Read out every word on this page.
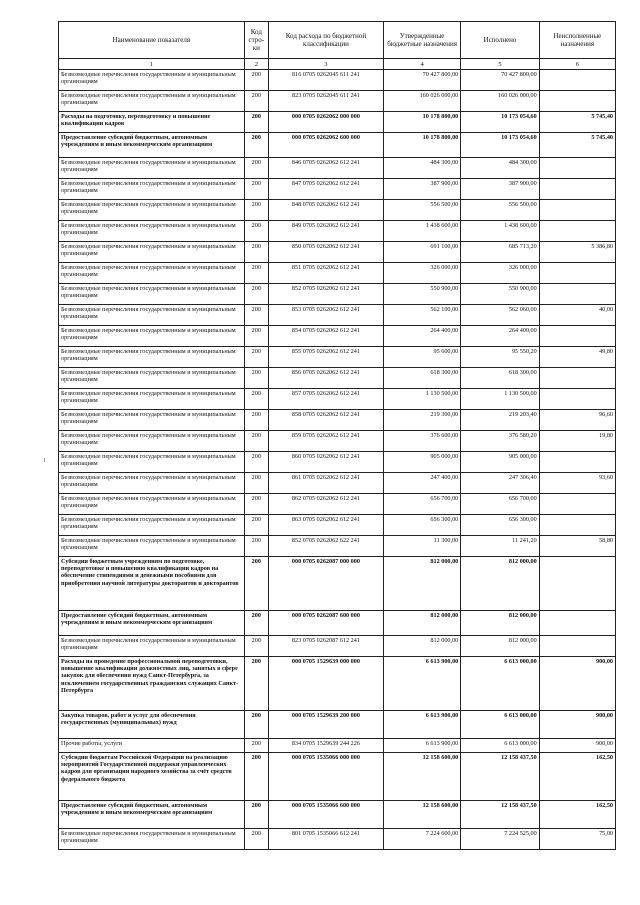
Наименование показателя	Код стро-ки	Код расхода по бюджетной классификации	Утвержденные бюджетные назначения	Исполнено	Неисполненные назначения
1	2	3	4	5	6
Безвозмездные перечисления государственным и муниципальным организациям	200	816 0705 0262045 611 241	70 427 800,00	70 427 800,00	
Безвозмездные перечисления государственным и муниципальным организациям	200	823 0705 0262045 611 241	160 026 000,00	160 026 000,00	
Расходы на подготовку, переподготовку и повышение квалификации кадров	200	000 0705 0262062 000 000	10 178 800,00	10 173 054,60	5 745,40
Предоставление субсидий бюджетным, автономным учреждениям и иным некоммерческим организациям	200	000 0705 0262062 600 000	10 178 800,00	10 173 054,60	5 745,40
Безвозмездные перечисления государственным и муниципальным организациям	200	846 0705 0262062 612 241	484 300,00	484 300,00	
Безвозмездные перечисления государственным и муниципальным организациям	200	847 0705 0262062 612 241	387 900,00	387 900,00	
Безвозмездные перечисления государственным и муниципальным организациям	200	848 0705 0262062 612 241	556 500,00	556 500,00	
Безвозмездные перечисления государственным и муниципальным организациям	200	849 0705 0262062 612 241	1 438 600,00	1 438 600,00	
Безвозмездные перечисления государственным и муниципальным организациям	200	850 0705 0262062 612 241	691 100,00	685 713,20	5 386,80
Безвозмездные перечисления государственным и муниципальным организациям	200	851 0705 0262062 612 241	326 000,00	326 000,00	
Безвозмездные перечисления государственным и муниципальным организациям	200	852 0705 0262062 612 241	550 900,00	550 900,00	
Безвозмездные перечисления государственным и муниципальным организациям	200	853 0705 0262062 612 241	562 100,00	562 060,00	40,00
Безвозмездные перечисления государственным и муниципальным организациям	200	854 0705 0262062 612 241	264 400,00	264 400,00	
Безвозмездные перечисления государственным и муниципальным организациям	200	855 0705 0262062 612 241	95 600,00	95 550,20	49,80
Безвозмездные перечисления государственным и муниципальным организациям	200	856 0705 0262062 612 241	618 300,00	618 300,00	
Безвозмездные перечисления государственным и муниципальным организациям	200	857 0705 0262062 612 241	1 130 500,00	1 130 500,00	
Безвозмездные перечисления государственным и муниципальным организациям	200	858 0705 0262062 612 241	219 300,00	219 203,40	96,60
Безвозмездные перечисления государственным и муниципальным организациям	200	859 0705 0262062 612 241	376 600,00	376 580,20	19,80
Безвозмездные перечисления государственным и муниципальным организациям	200	860 0705 0262062 612 241	905 000,00	905 000,00	
Безвозмездные перечисления государственным и муниципальным организациям	200	861 0705 0262062 612 241	247 400,00	247 306,40	93,60
Безвозмездные перечисления государственным и муниципальным организациям	200	862 0705 0262062 612 241	656 700,00	656 700,00	
Безвозмездные перечисления государственным и муниципальным организациям	200	863 0705 0262062 612 241	656 300,00	656 300,00	
Безвозмездные перечисления государственным и муниципальным организациям	200	852 0705 0262062 622 241	11 300,00	11 241,20	58,80
Субсидии бюджетным учреждениям по подготовке, переподготовке и повышению квалификации кадров на обеспечение стипендиями и денежными пособиями для приобретения научной литературы докторантов и докторантов	200	000 0705 0262087 000 000	812 000,00	812 000,00	
Предоставление субсидий бюджетным, автономным учреждениям и иным некоммерческим организациям	200	000 0705 0262087 600 000	812 000,00	812 000,00	
Безвозмездные перечисления государственным и муниципальным организациям	200	823 0705 0262087 612 241	812 000,00	812 000,00	
Расходы на проведение профессиональной переподготовки, повышение квалификации должностных лиц, занятых в сфере закупок для обеспечения нужд Санкт-Петербурга, за исключением государственных гражданских служащих Санкт-Петербурга	200	000 0705 1529639 000 000	6 613 900,00	6 613 000,00	900,00
Закупка товаров, работ и услуг для обеспечения государственных (муниципальных) нужд	200	000 0705 1529639 200 000	6 613 900,00	6 613 000,00	900,00
Прочие работы, услуги	200	834 0705 1529639 244 226	6 613 900,00	6 613 000,00	900,00
Субсидии бюджетам Российской Федерации на реализацию мероприятий Государственной поддержки управленческих кадров для организации народного хозяйства за счёт средств федерального бюджета	200	000 0705 1535066 000 000	12 158 600,00	12 158 437,50	162,50
Предоставление субсидий бюджетным, автономным учреждениям и иным некоммерческим организациям	200	000 0705 1535066 600 000	12 158 600,00	12 158 437,50	162,50
Безвозмездные перечисления государственным и муниципальным организациям	200	801 0705 1535066 612 241	7 224 600,00	7 224 525,00	75,00
